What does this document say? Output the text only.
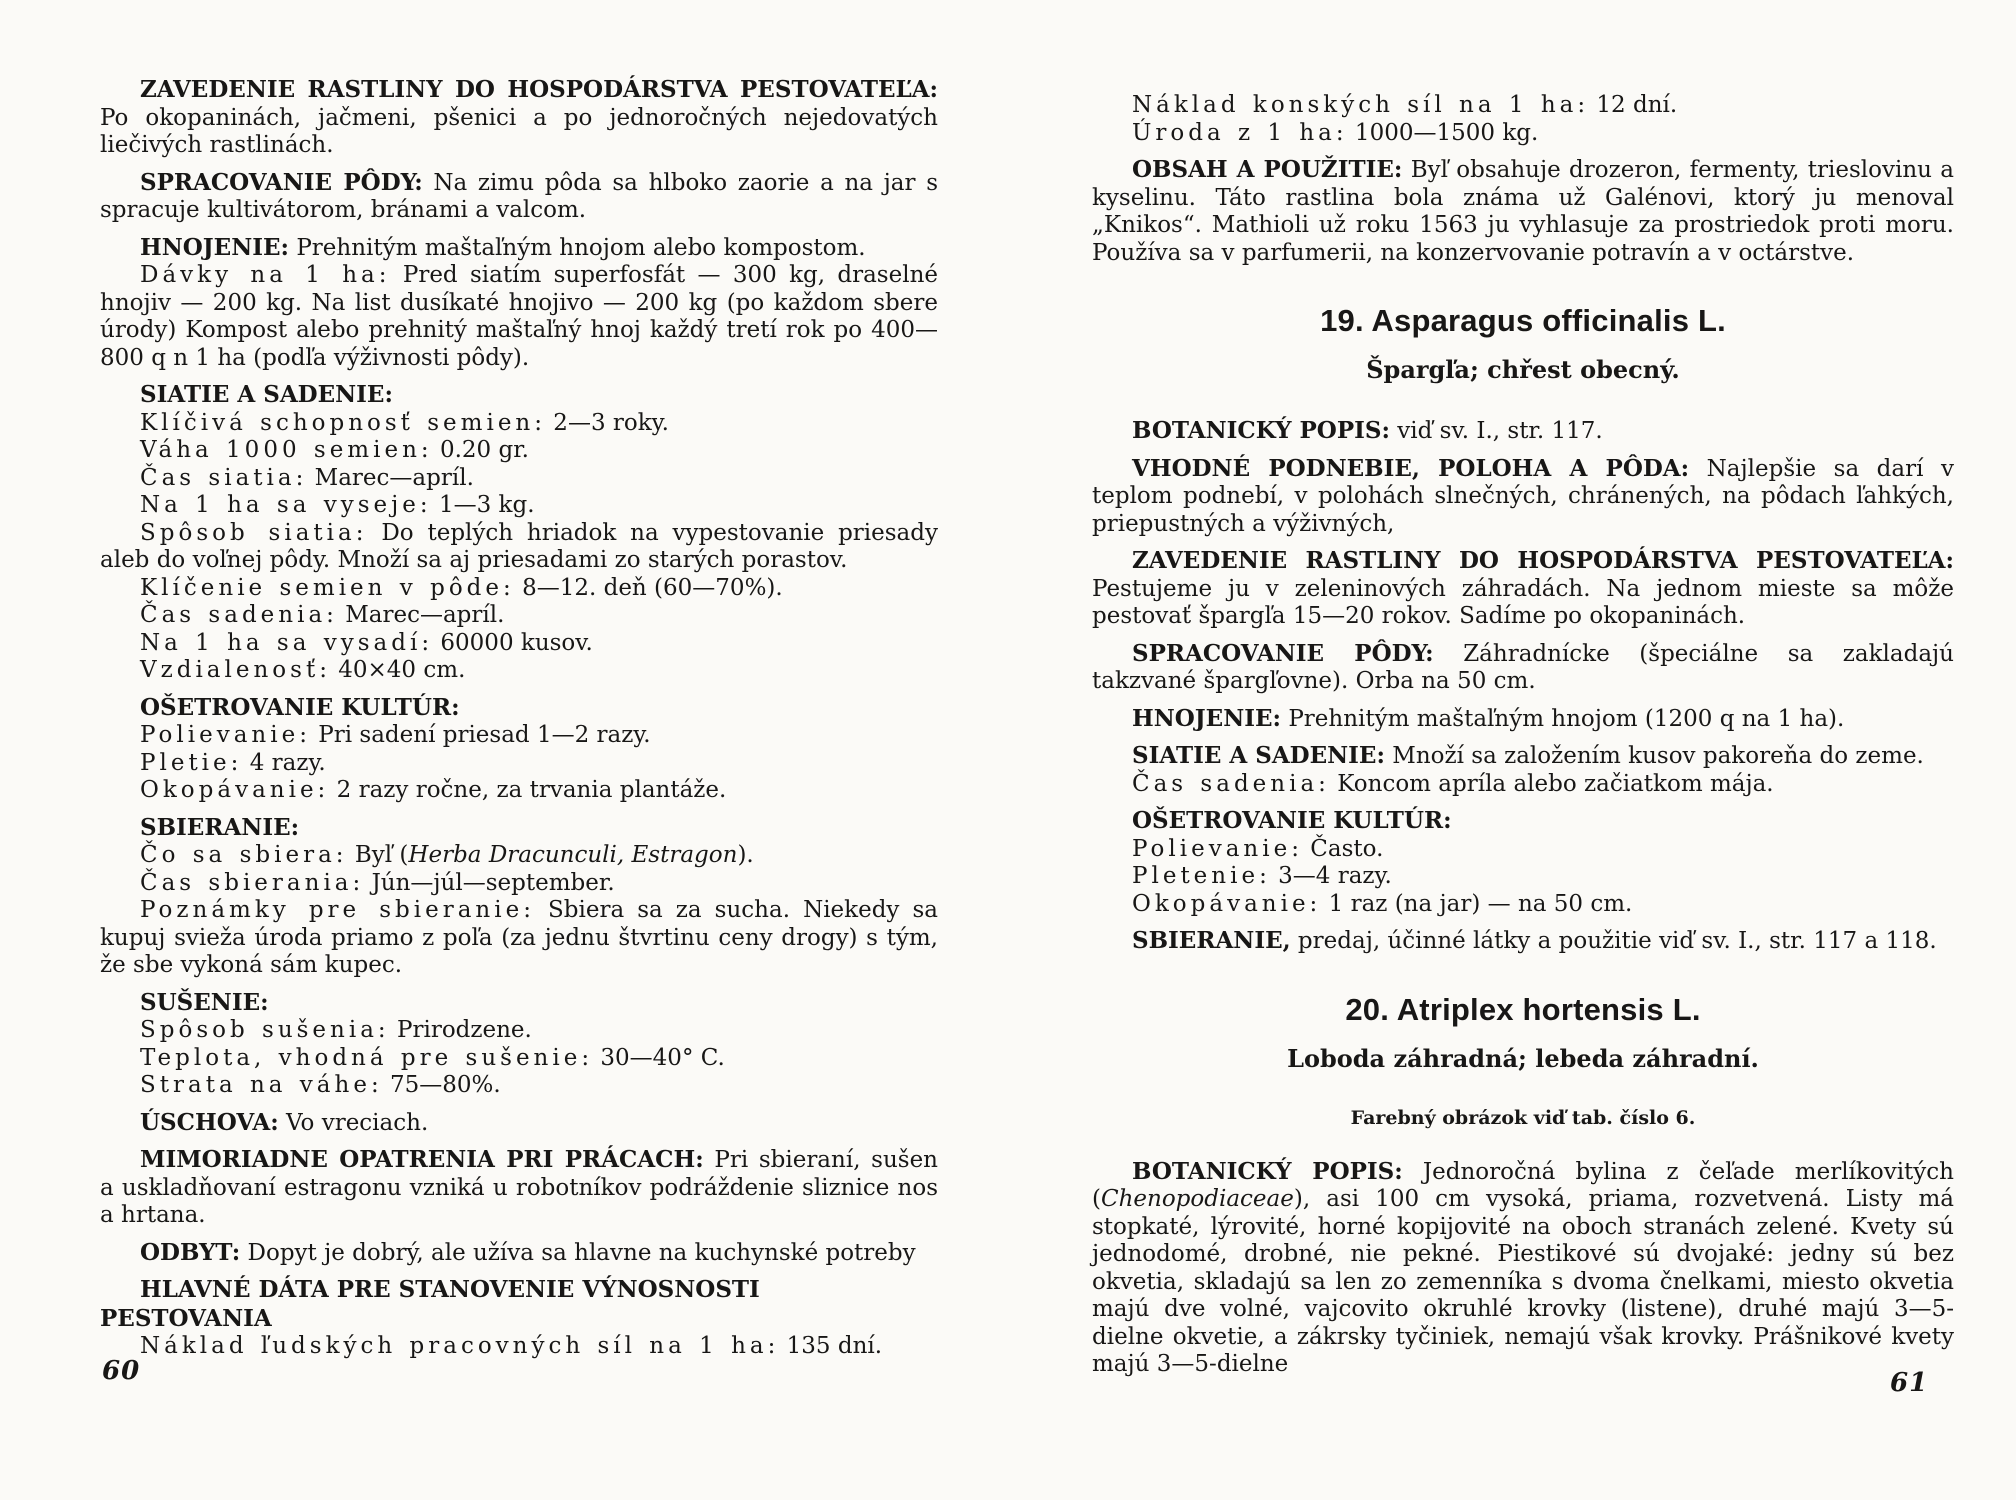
ZAVEDENIE RASTLINY DO HOSPODÁRSTVA PESTOVATEĽA: Po okopaninách, jačmeni, pšenici a po jednoročných nejedovatých liečivých rastlinách.
SPRACOVANIE PÔDY: Na zimu pôda sa hlboko zaorie a na jar s spracuje kultivátorom, bránami a valcom.
HNOJENIE: Prehnitým maštaľným hnojom alebo kompostom.
Dávky na 1 ha: Pred siatím superfosfát — 300 kg, draselné hnojiv — 200 kg. Na list dusíkaté hnojivo — 200 kg (po každom sbere úrody) Kompost alebo prehnitý maštaľný hnoj každý tretí rok po 400—800 q n 1 ha (podľa výživnosti pôdy).
SIATIE A SADENIE:
Klíčivá schopnosť semien: 2—3 roky.
Váha 1000 semien: 0.20 gr.
Čas siatia: Marec—apríl.
Na 1 ha sa vyseje: 1—3 kg.
Spôsob siatia: Do teplých hriadok na vypestovanie priesady aleb do voľnej pôdy. Množí sa aj priesadami zo starých porastov.
Klíčenie semien v pôde: 8—12. deň (60—70%).
Čas sadenia: Marec—apríl.
Na 1 ha sa vysadí: 60000 kusov.
Vzdialenosť: 40×40 cm.
OŠETROVANIE KULTÚR:
Polievanie: Pri sadení priesad 1—2 razy.
Pletie: 4 razy.
Okopávanie: 2 razy ročne, za trvania plantáže.
SBIERANIE:
Čo sa sbiera: Byľ (Herba Dracunculi, Estragon).
Čas sbierania: Jún—júl—september.
Poznámky pre sbieranie: Sbiera sa za sucha. Niekedy sa kupuj svieža úroda priamo z poľa (za jednu štvrtinu ceny drogy) s tým, že sbe vykoná sám kupec.
SUŠENIE:
Spôsob sušenia: Prirodzene.
Teplota, vhodná pre sušenie: 30—40° C.
Strata na váhe: 75—80%.
ÚSCHOVA: Vo vreciach.
MIMORIADNE OPATRENIA PRI PRÁCACH: Pri sbieraní, sušen a uskladňovaní estragonu vzniká u robotníkov podráždenie sliznice nos a hrtana.
ODBYT: Dopyt je dobrý, ale užíva sa hlavne na kuchynské potreby
HLAVNÉ DÁTA PRE STANOVENIE VÝNOSNOSTI PESTOVANIA
Náklad ľudských pracovných síl na 1 ha: 135 dní.
Náklad konských síl na 1 ha: 12 dní.
Úroda z 1 ha: 1000—1500 kg.
OBSAH A POUŽITIE: Byľ obsahuje drozeron, fermenty, trieslovinu a kyselinu. Táto rastlina bola známa už Galénovi, ktorý ju menoval „Knikos“. Mathioli už roku 1563 ju vyhlasuje za prostriedok proti moru. Používa sa v parfumerii, na konzervovanie potravín a v octárstve.
19. Asparagus officinalis L.
Špargľa; chřest obecný.
BOTANICKÝ POPIS: viď sv. I., str. 117.
VHODNÉ PODNEBIE, POLOHA A PÔDA: Najlepšie sa darí v teplom podnebí, v polohách slnečných, chránených, na pôdach ľahkých, priepustných a výživných,
ZAVEDENIE RASTLINY DO HOSPODÁRSTVA PESTOVATEĽA: Pestujeme ju v zeleninových záhradách. Na jednom mieste sa môže pestovať špargľa 15—20 rokov. Sadíme po okopaninách.
SPRACOVANIE PÔDY: Záhradnícke (špeciálne sa zakladajú takzvané špargľovne). Orba na 50 cm.
HNOJENIE: Prehnitým maštaľným hnojom (1200 q na 1 ha).
SIATIE A SADENIE: Množí sa založením kusov pakoreňa do zeme.
Čas sadenia: Koncom apríla alebo začiatkom mája.
OŠETROVANIE KULTÚR:
Polievanie: Často.
Pletenie: 3—4 razy.
Okopávanie: 1 raz (na jar) — na 50 cm.
SBIERANIE, predaj, účinné látky a použitie viď sv. I., str. 117 a 118.
20. Atriplex hortensis L.
Loboda záhradná; lebeda záhradní.
Farebný obrázok viď tab. číslo 6.
BOTANICKÝ POPIS: Jednoročná bylina z čeľade merlíkovitých (Chenopodiaceae), asi 100 cm vysoká, priama, rozvetvená. Listy má stopkaté, lýrovité, horné kopijovité na oboch stranách zelené. Kvety sú jednodomé, drobné, nie pekné. Piestikové sú dvojaké: jedny sú bez okvetia, skladajú sa len zo zemenníka s dvoma čnelkami, miesto okvetia majú dve volné, vajcovito okruhlé krovky (listene), druhé majú 3—5-dielne okvetie, a zákrsky tyčiniek, nemajú však krovky. Prášnikové kvety majú 3—5-dielne
60	61
